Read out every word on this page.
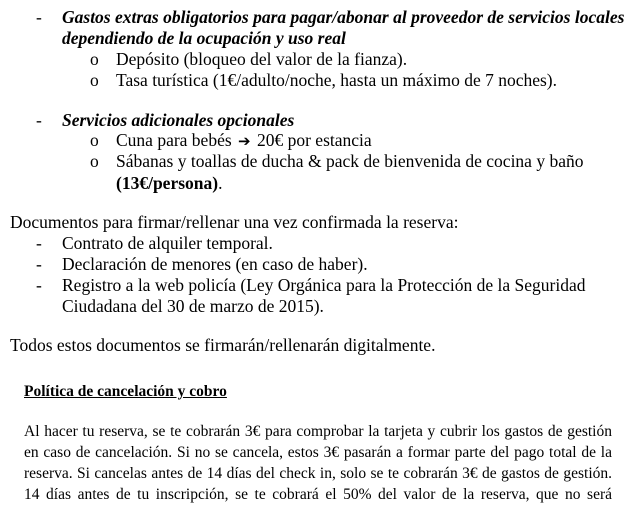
- Gastos extras obligatorios para pagar/abonar al proveedor de servicios locales
dependiendo de la ocupación y uso real
o Depósito (bloqueo del valor de la fianza).
o Tasa turística (1€/adulto/noche, hasta un máximo de 7 noches).
- Servicios adicionales opcionales
o Cuna para bebés ➔ 20€ por estancia
o Sábanas y toallas de ducha & pack de bienvenida de cocina y baño
(13€/persona).
Documentos para firmar/rellenar una vez confirmada la reserva:
- Contrato de alquiler temporal.
- Declaración de menores (en caso de haber).
- Registro a la web policía (Ley Orgánica para la Protección de la Seguridad
Ciudadana del 30 de marzo de 2015).
Todos estos documentos se firmarán/rellenarán digitalmente.
Política de cancelación y cobro
Al hacer tu reserva, se te cobrarán 3€ para comprobar la tarjeta y cubrir los gastos de gestión
en caso de cancelación. Si no se cancela, estos 3€ pasarán a formar parte del pago total de la
reserva. Si cancelas antes de 14 días del check in, solo se te cobrarán 3€ de gastos de gestión.
14 días antes de tu inscripción, se te cobrará el 50% del valor de la reserva, que no será
